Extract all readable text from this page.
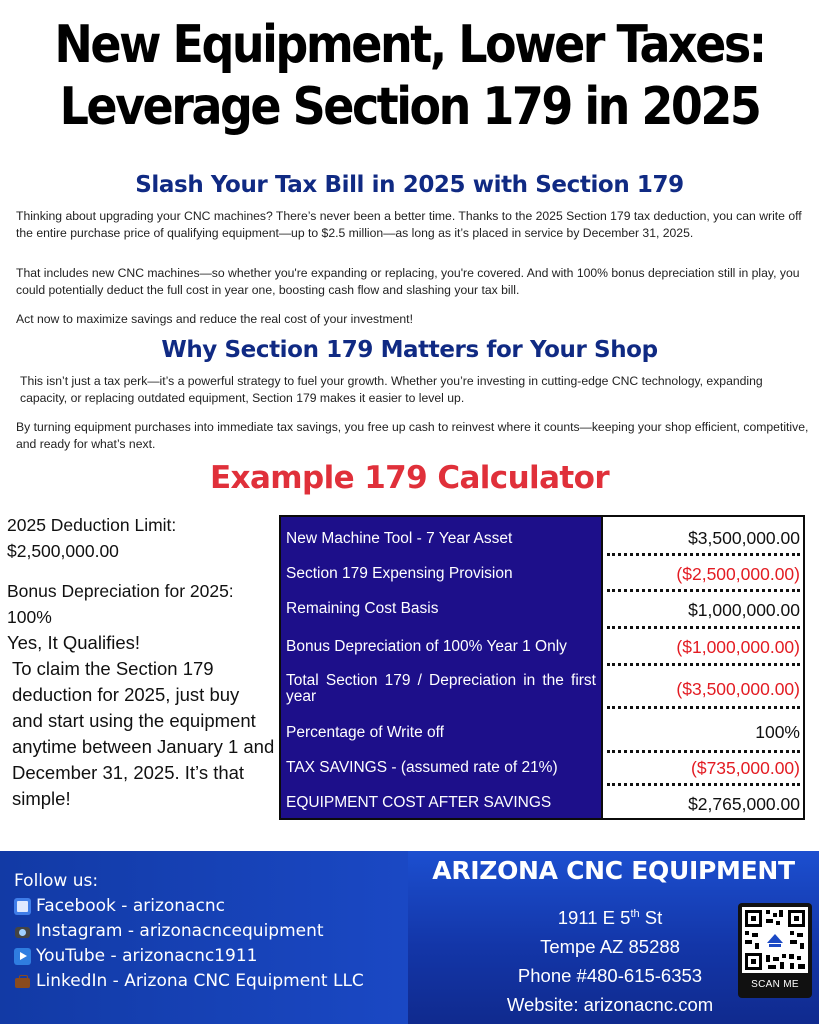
New Equipment, Lower Taxes:
Leverage Section 179 in 2025
Slash Your Tax Bill in 2025 with Section 179
Thinking about upgrading your CNC machines? There’s never been a better time. Thanks to the 2025 Section 179 tax deduction, you can write off the entire purchase price of qualifying equipment—up to $2.5 million—as long as it’s placed in service by December 31, 2025.
That includes new CNC machines—so whether you're expanding or replacing, you're covered. And with 100% bonus depreciation still in play, you could potentially deduct the full cost in year one, boosting cash flow and slashing your tax bill.
Act now to maximize savings and reduce the real cost of your investment!
Why Section 179 Matters for Your Shop
This isn’t just a tax perk—it’s a powerful strategy to fuel your growth. Whether you’re investing in cutting-edge CNC technology, expanding capacity, or replacing outdated equipment, Section 179 makes it easier to level up.
By turning equipment purchases into immediate tax savings, you free up cash to reinvest where it counts—keeping your shop efficient, competitive, and ready for what’s next.
Example 179 Calculator
2025 Deduction Limit:
$2,500,000.00
Bonus Depreciation for 2025:
100%
Yes, It Qualifies!
To claim the Section 179 deduction for 2025, just buy and start using the equipment anytime between January 1 and December 31, 2025. It’s that simple!
New Machine Tool - 7 Year Asset	$3,500,000.00
Section 179 Expensing Provision	($2,500,000.00)
Remaining Cost Basis	$1,000,000.00
Bonus Depreciation of 100% Year 1 Only	($1,000,000.00)
Total Section 179 / Depreciation in the first year	($3,500,000.00)
Percentage of Write off	100%
TAX SAVINGS - (assumed rate of 21%)	($735,000.00)
EQUIPMENT COST AFTER SAVINGS	$2,765,000.00
Follow us:
Facebook - arizonacnc
Instagram - arizonacncequipment
YouTube - arizonacnc1911
LinkedIn - Arizona CNC Equipment LLC
ARIZONA CNC EQUIPMENT
1911 E 5th St
Tempe AZ 85288
Phone #480-615-6353
Website: arizonacnc.com
SCAN ME
